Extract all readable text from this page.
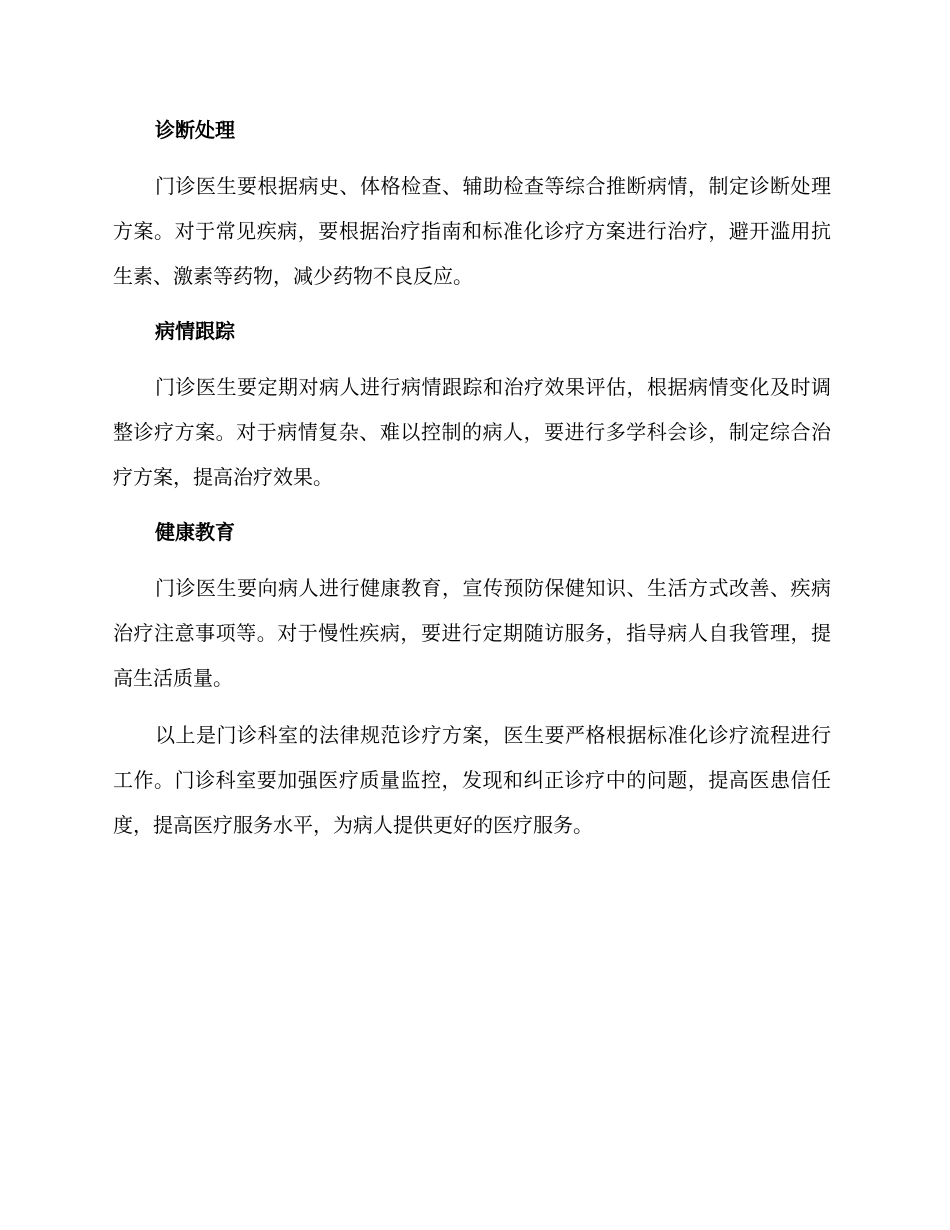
诊断处理

门诊医生要根据病史、体格检查、辅助检查等综合推断病情，制定诊断处理方案。对于常见疾病，要根据治疗指南和标准化诊疗方案进行治疗，避开滥用抗生素、激素等药物，减少药物不良反应。

病情跟踪

门诊医生要定期对病人进行病情跟踪和治疗效果评估，根据病情变化及时调整诊疗方案。对于病情复杂、难以控制的病人，要进行多学科会诊，制定综合治疗方案，提高治疗效果。

健康教育

门诊医生要向病人进行健康教育，宣传预防保健知识、生活方式改善、疾病治疗注意事项等。对于慢性疾病，要进行定期随访服务，指导病人自我管理，提高生活质量。

以上是门诊科室的法律规范诊疗方案，医生要严格根据标准化诊疗流程进行工作。门诊科室要加强医疗质量监控，发现和纠正诊疗中的问题，提高医患信任度，提高医疗服务水平，为病人提供更好的医疗服务。
